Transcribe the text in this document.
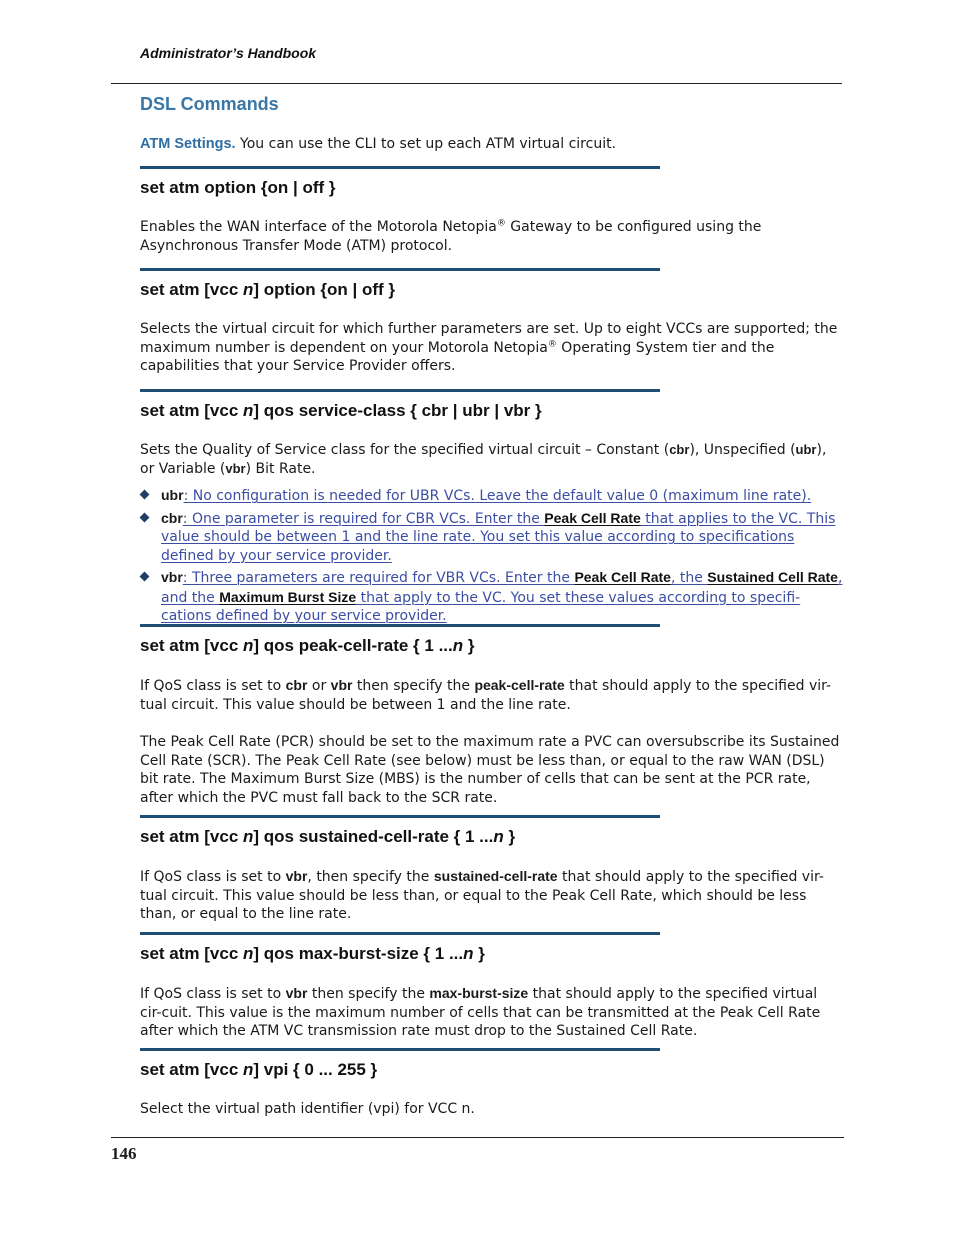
Administrator’s Handbook
DSL Commands
ATM Settings. You can use the CLI to set up each ATM virtual circuit.
set atm option {on | off }
Enables the WAN interface of the Motorola Netopia® Gateway to be configured using the Asynchronous Transfer Mode (ATM) protocol.
set atm [vcc n] option {on | off }
Selects the virtual circuit for which further parameters are set. Up to eight VCCs are supported; the maximum number is dependent on your Motorola Netopia® Operating System tier and the capabilities that your Service Provider offers.
set atm [vcc n] qos service-class { cbr | ubr | vbr }
Sets the Quality of Service class for the specified virtual circuit – Constant (cbr), Unspecified (ubr), or Variable (vbr) Bit Rate.
ubr: No configuration is needed for UBR VCs. Leave the default value 0 (maximum line rate).
cbr: One parameter is required for CBR VCs. Enter the Peak Cell Rate that applies to the VC. This value should be between 1 and the line rate. You set this value according to specifications defined by your service provider.
vbr: Three parameters are required for VBR VCs. Enter the Peak Cell Rate, the Sustained Cell Rate, and the Maximum Burst Size that apply to the VC. You set these values according to specifi-cations defined by your service provider.
set atm [vcc n] qos peak-cell-rate { 1 ...n }
If QoS class is set to cbr or vbr then specify the peak-cell-rate that should apply to the specified vir-tual circuit. This value should be between 1 and the line rate.
The Peak Cell Rate (PCR) should be set to the maximum rate a PVC can oversubscribe its Sustained Cell Rate (SCR). The Peak Cell Rate (see below) must be less than, or equal to the raw WAN (DSL) bit rate. The Maximum Burst Size (MBS) is the number of cells that can be sent at the PCR rate, after which the PVC must fall back to the SCR rate.
set atm [vcc n] qos sustained-cell-rate { 1 ...n }
If QoS class is set to vbr, then specify the sustained-cell-rate that should apply to the specified vir-tual circuit. This value should be less than, or equal to the Peak Cell Rate, which should be less than, or equal to the line rate.
set atm [vcc n] qos max-burst-size { 1 ...n }
If QoS class is set to vbr then specify the max-burst-size that should apply to the specified virtual cir-cuit. This value is the maximum number of cells that can be transmitted at the Peak Cell Rate after which the ATM VC transmission rate must drop to the Sustained Cell Rate.
set atm [vcc n] vpi { 0 ... 255 }
Select the virtual path identifier (vpi) for VCC n.
146
